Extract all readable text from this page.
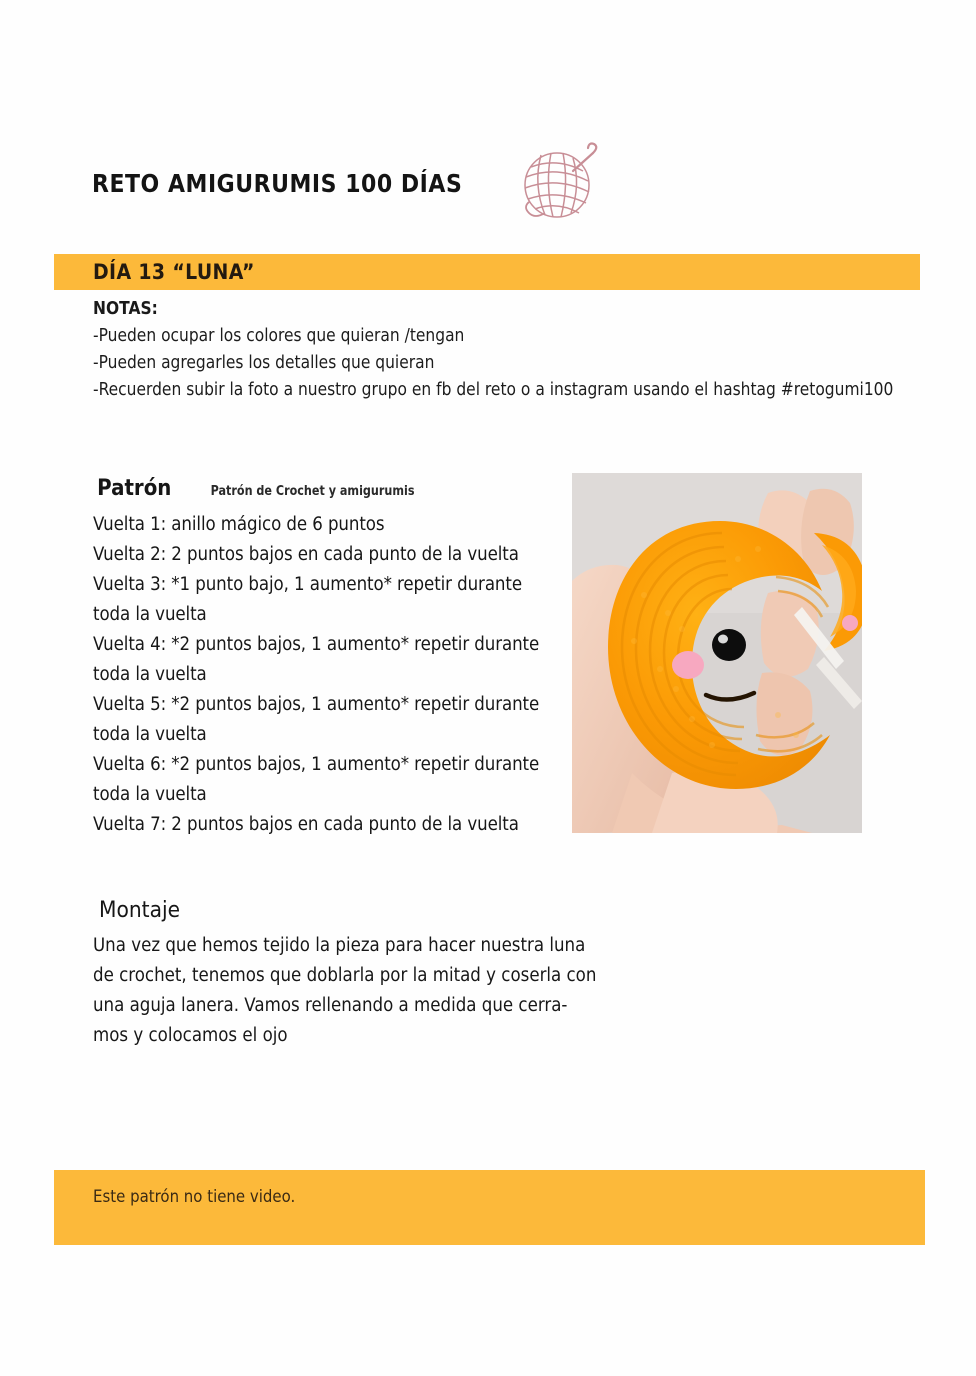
RETO AMIGURUMIS 100 DÍAS
DÍA 13 “LUNA”
NOTAS:
-Pueden ocupar los colores que quieran /tengan
-Pueden agregarles los detalles que quieran
-Recuerden subir la foto a nuestro grupo en fb del reto o a instagram usando el hashtag #retogumi100
Patrón	Patrón de Crochet y amigurumis
Vuelta 1: anillo mágico de 6 puntos
Vuelta 2: 2 puntos bajos en cada punto de la vuelta
Vuelta 3: *1 punto bajo, 1 aumento* repetir durante toda la vuelta
Vuelta 4: *2 puntos bajos, 1 aumento* repetir durante toda la vuelta
Vuelta 5: *2 puntos bajos, 1 aumento* repetir durante toda la vuelta
Vuelta 6: *2 puntos bajos, 1 aumento* repetir durante toda la vuelta
Vuelta 7: 2 puntos bajos en cada punto de la vuelta
Montaje
Una vez que hemos tejido la pieza para hacer nuestra luna
de crochet, tenemos que doblarla por la mitad y coserla con
una aguja lanera. Vamos rellenando a medida que cerra-
mos y colocamos el ojo
Este patrón no tiene video.
